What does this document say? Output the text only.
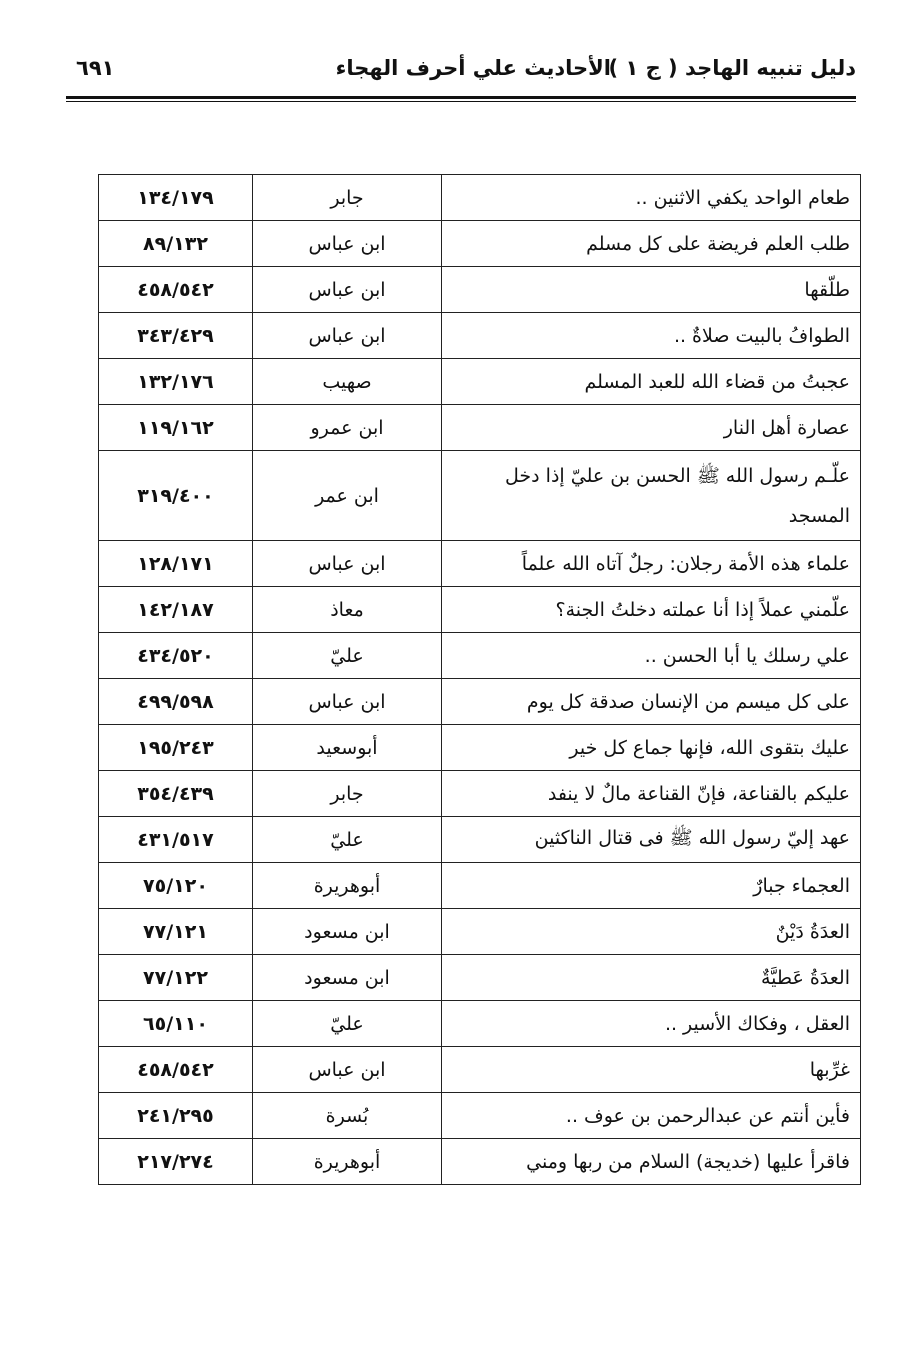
دليل تنبيه الهاجد ( ج ١ )
الأحاديث علي أحرف الهجاء
٦٩١
طعام الواحد يكفي الاثنين ..	جابر	١٣٤/١٧٩
طلب العلم فريضة على كل مسلم	ابن عباس	٨٩/١٣٢
طلّقها	ابن عباس	٤٥٨/٥٤٢
الطوافُ بالبيت صلاةٌ ..	ابن عباس	٣٤٣/٤٢٩
عجبتُ من قضاء الله للعبد المسلم	صهيب	١٣٢/١٧٦
عصارة أهل النار	ابن عمرو	١١٩/١٦٢
علّـم رسول الله ﷺ الحسن بن عليّ إذا دخل المسجد	ابن عمر	٣١٩/٤٠٠
علماء هذه الأمة رجلان: رجلٌ آتاه الله علماً	ابن عباس	١٢٨/١٧١
علّمني عملاً إذا أنا عملته دخلتُ الجنة؟	معاذ	١٤٢/١٨٧
علي رسلك يا أبا الحسن ..	عليّ	٤٣٤/٥٢٠
على كل ميسم من الإنسان صدقة كل يوم	ابن عباس	٤٩٩/٥٩٨
عليك بتقوى الله، فإنها جماع كل خير	أبوسعيد	١٩٥/٢٤٣
عليكم بالقناعة، فإنّ القناعة مالٌ لا ينفد	جابر	٣٥٤/٤٣٩
عهد إليّ رسول الله ﷺ فى قتال الناكثين	عليّ	٤٣١/٥١٧
العجماء جبارٌ	أبوهريرة	٧٥/١٢٠
العدَةُ دَيْنٌ	ابن مسعود	٧٧/١٢١
العدَةُ عَطيَّةٌ	ابن مسعود	٧٧/١٢٢
العقل ، وفكاك الأسير ..	عليّ	٦٥/١١٠
غرِّبها	ابن عباس	٤٥٨/٥٤٢
فأين أنتم عن عبدالرحمن بن عوف ..	بُسرة	٢٤١/٢٩٥
فاقرأ عليها (خديجة) السلام من ربها ومني	أبوهريرة	٢١٧/٢٧٤
